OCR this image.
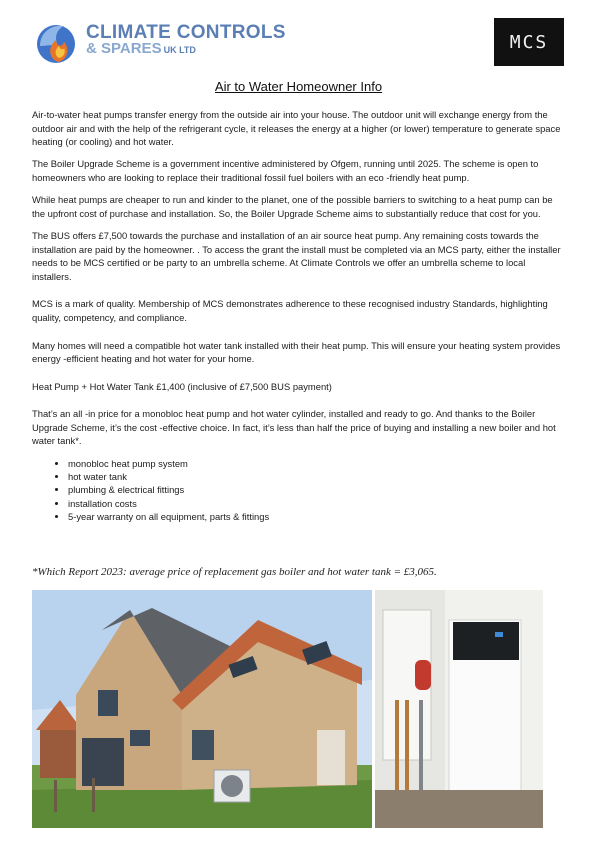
CLIMATE CONTROLS
& SPARES UK LTD	MCS
Air to Water Homeowner Info

Air-to-water heat pumps transfer energy from the outside air into your house. The outdoor unit will exchange energy from the outdoor air and with the help of the refrigerant cycle, it releases the energy at a higher (or lower) temperature to generate space heating (or cooling) and hot water.

The Boiler Upgrade Scheme is a government incentive administered by Ofgem, running until 2025. The scheme is open to homeowners who are looking to replace their traditional fossil fuel boilers with an eco -friendly heat pump.

While heat pumps are cheaper to run and kinder to the planet, one of the possible barriers to switching to a heat pump can be the upfront cost of purchase and installation. So, the Boiler Upgrade Scheme aims to substantially reduce that cost for you.

The BUS offers £7,500 towards the purchase and installation of an air source heat pump. Any remaining costs towards the installation are paid by the homeowner. . To access the grant the install must be completed via an MCS party, either the installer needs to be MCS certified or be party to an umbrella scheme. At Climate Controls we offer an umbrella scheme to local installers.

MCS is a mark of quality. Membership of MCS demonstrates adherence to these recognised industry Standards, highlighting quality, competency, and compliance.

Many homes will need a compatible hot water tank installed with their heat pump. This will ensure your heating system provides energy -efficient heating and hot water for your home.

Heat Pump + Hot Water Tank £1,400 (inclusive of £7,500 BUS payment)

That’s an all -in price for a monobloc heat pump and hot water cylinder, installed and ready to go. And thanks to the Boiler Upgrade Scheme, it’s the cost -effective choice. In fact, it’s less than half the price of buying and installing a new boiler and hot water tank*.

• monobloc heat pump system
• hot water tank
• plumbing & electrical fittings
• installation costs
• 5-year warranty on all equipment, parts & fittings
*Which Report 2023: average price of replacement gas boiler and hot water tank = £3,065.
